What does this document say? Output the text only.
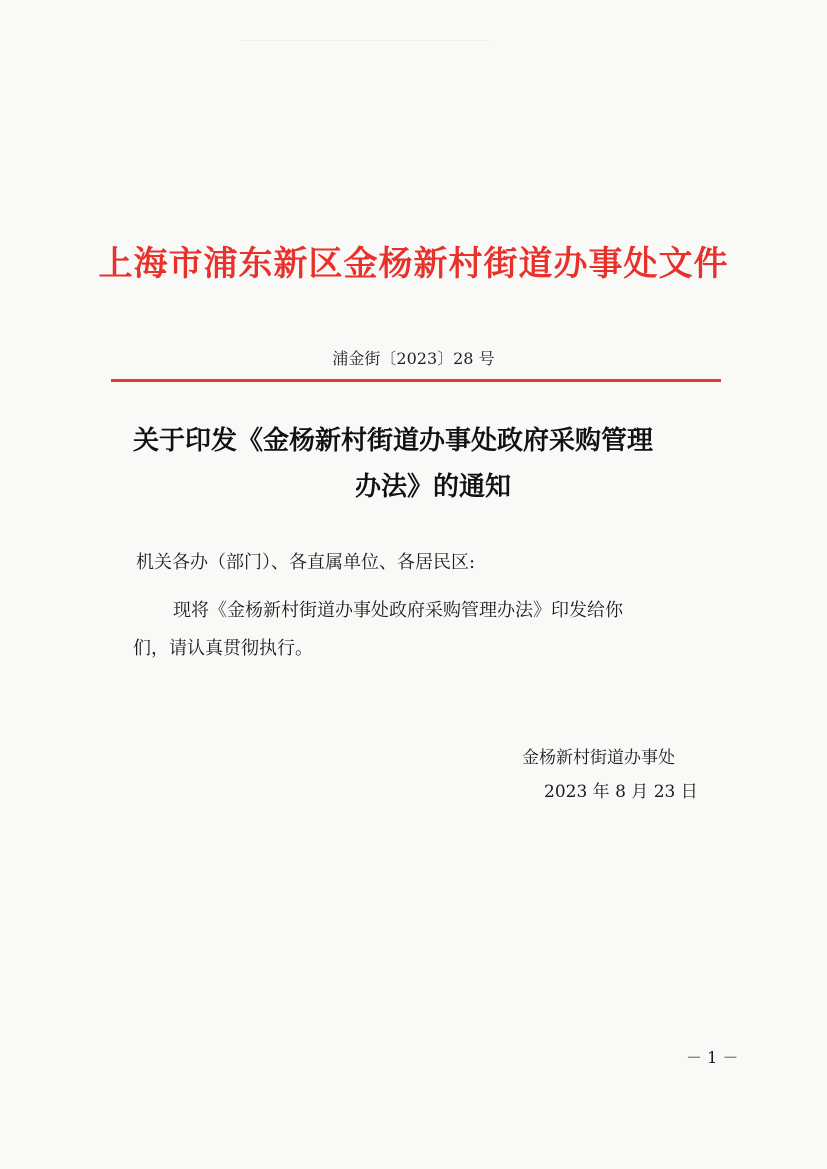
上海市浦东新区金杨新村街道办事处文件
浦金街〔2023〕28 号
关于印发《金杨新村街道办事处政府采购管理
办法》的通知
机关各办（部门）、各直属单位、各居民区:
现将《金杨新村街道办事处政府采购管理办法》印发给你
们，请认真贯彻执行。
金杨新村街道办事处
2023 年 8 月 23 日
－ 1 －
